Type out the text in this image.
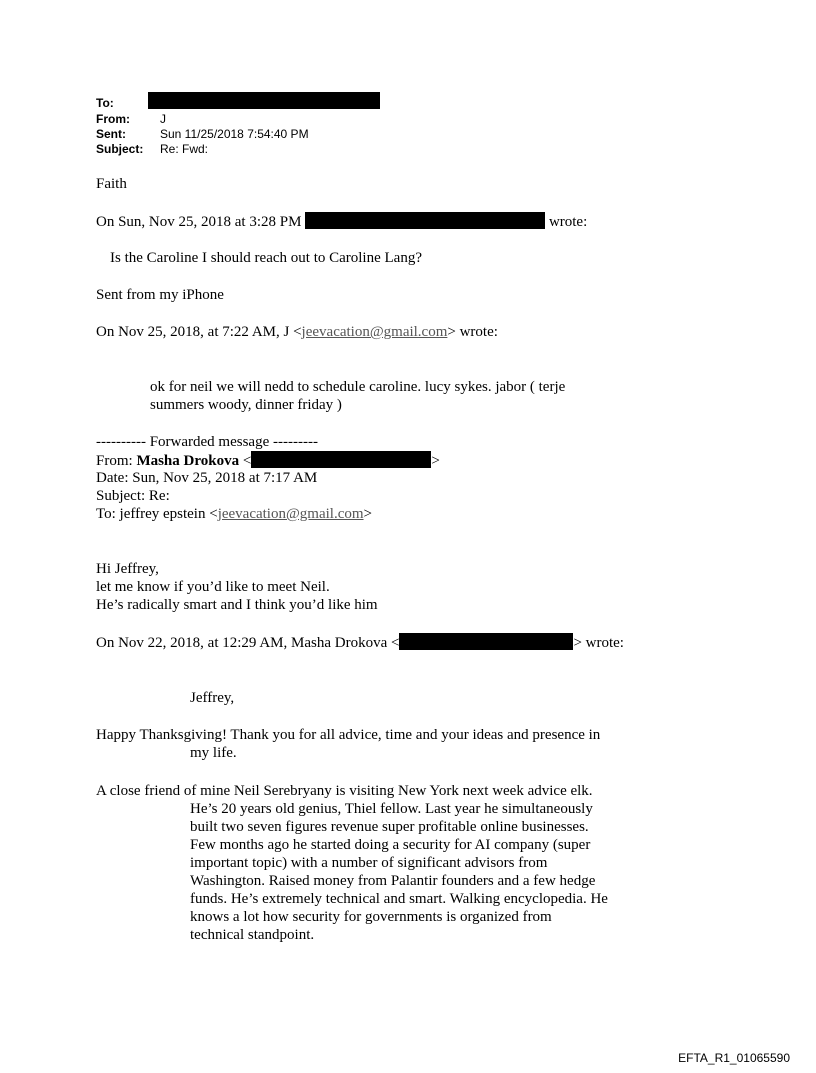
To:
From:	J
Sent:	Sun 11/25/2018 7:54:40 PM
Subject: Re: Fwd:
Faith
On Sun, Nov 25, 2018 at 3:28 PM	wrote:
Is the Caroline I should reach out to Caroline Lang?
Sent from my iPhone
On Nov 25, 2018, at 7:22 AM, J <jeevacation@gmail.com> wrote:
ok for neil we will nedd to schedule caroline. lucy sykes. jabor ( terje
summers woody, dinner friday )
---------- Forwarded message ---------
From: Masha Drokova <	>
Date: Sun, Nov 25, 2018 at 7:17 AM
Subject: Re:
To: jeffrey epstein <jeevacation@gmail.com>
Hi Jeffrey,
let me know if you’d like to meet Neil.
He’s radically smart and I think you’d like him
On Nov 22, 2018, at 12:29 AM, Masha Drokova <	> wrote:
Jeffrey,
Happy Thanksgiving! Thank you for all advice, time and your ideas and presence in
my life.
A close friend of mine Neil Serebryany is visiting New York next week advice elk.
He’s 20 years old genius, Thiel fellow. Last year he simultaneously
built two seven figures revenue super profitable online businesses.
Few months ago he started doing a security for AI company (super
important topic) with a number of significant advisors from
Washington. Raised money from Palantir founders and a few hedge
funds. He’s extremely technical and smart. Walking encyclopedia. He
knows a lot how security for governments is organized from
technical standpoint.
EFTA_R1_01065590
